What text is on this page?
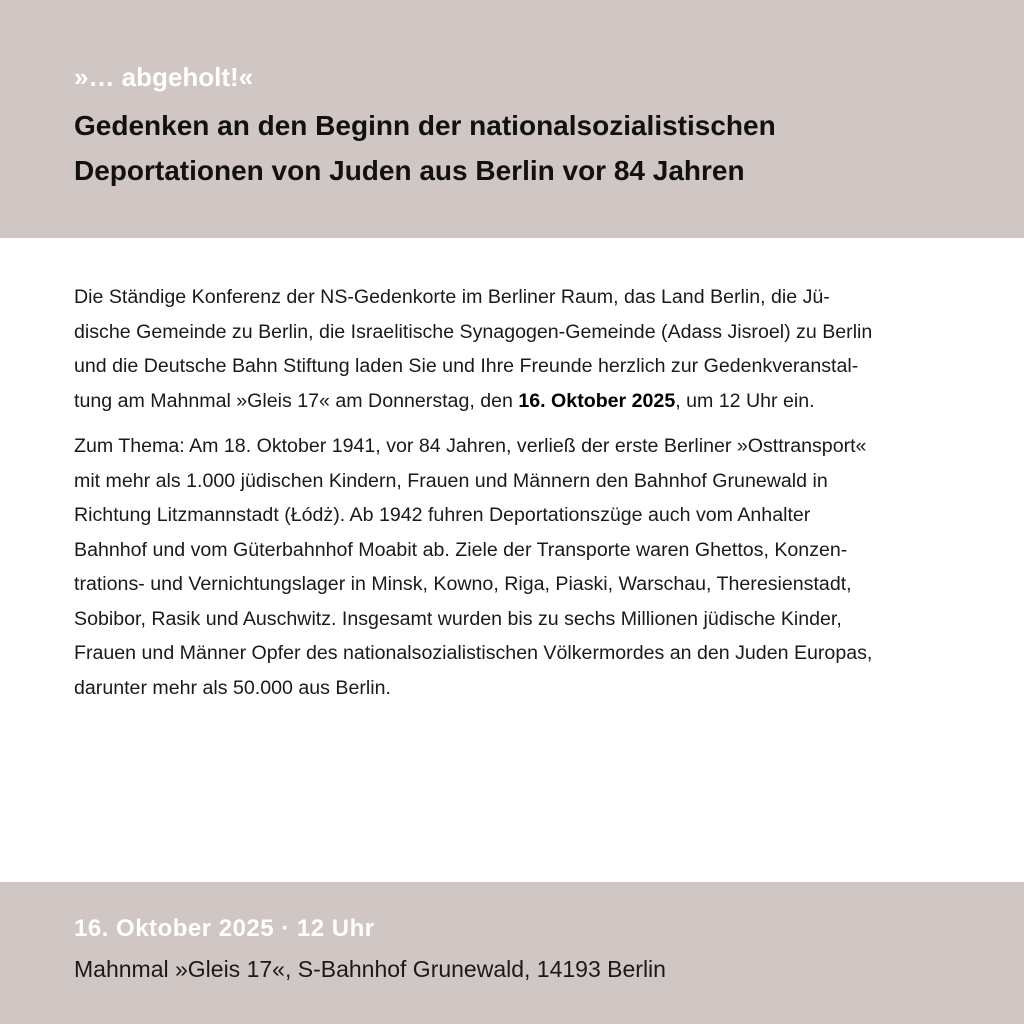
»… abgeholt!«
Gedenken an den Beginn der nationalsozialistischen
Deportationen von Juden aus Berlin vor 84 Jahren

Die Ständige Konferenz der NS-Gedenkorte im Berliner Raum, das Land Berlin, die Jü-
dische Gemeinde zu Berlin, die Israelitische Synagogen-Gemeinde (Adass Jisroel) zu Berlin
und die Deutsche Bahn Stiftung laden Sie und Ihre Freunde herzlich zur Gedenkveranstal-
tung am Mahnmal »Gleis 17« am Donnerstag, den 16. Oktober 2025, um 12 Uhr ein.

Zum Thema: Am 18. Oktober 1941, vor 84 Jahren, verließ der erste Berliner »Osttransport«
mit mehr als 1.000 jüdischen Kindern, Frauen und Männern den Bahnhof Grunewald in
Richtung Litzmannstadt (Łódż). Ab 1942 fuhren Deportationszüge auch vom Anhalter
Bahnhof und vom Güterbahnhof Moabit ab. Ziele der Transporte waren Ghettos, Konzen-
trations- und Vernichtungslager in Minsk, Kowno, Riga, Piaski, Warschau, Theresienstadt,
Sobibor, Rasik und Auschwitz. Insgesamt wurden bis zu sechs Millionen jüdische Kinder,
Frauen und Männer Opfer des nationalsozialistischen Völkermordes an den Juden Europas,
darunter mehr als 50.000 aus Berlin.

16. Oktober 2025 · 12 Uhr
Mahnmal »Gleis 17«, S-Bahnhof Grunewald, 14193 Berlin
